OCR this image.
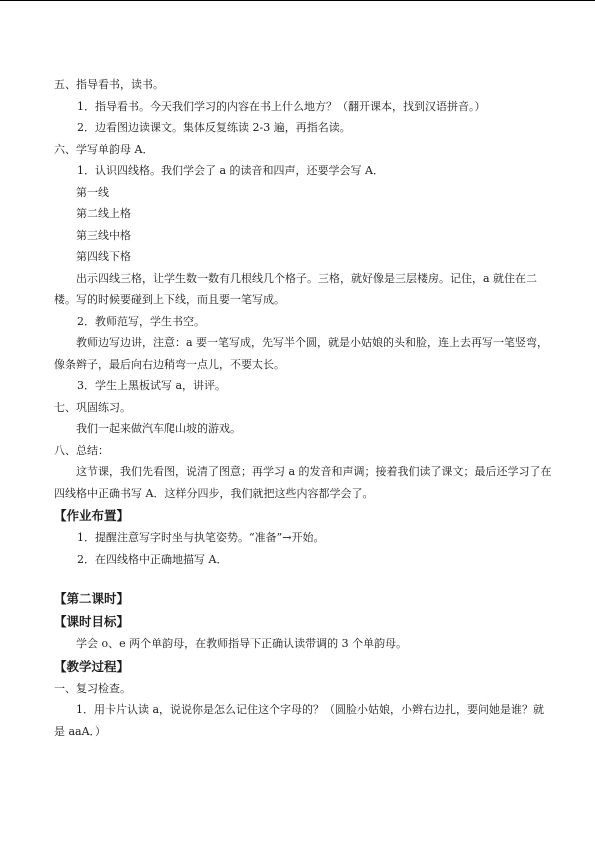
五、指导看书，读书。
1．指导看书。今天我们学习的内容在书上什么地方？（翻开课本，找到汉语拼音。）
2．边看图边读课文。集体反复练读 2-3 遍，再指名读。
六、学写单韵母 A．
1．认识四线格。我们学会了 a 的读音和四声，还要学会写 A．
第一线
第二线上格
第三线中格
第四线下格
出示四线三格，让学生数一数有几根线几个格子。三格，就好像是三层楼房。记住，a 就住在二楼。写的时候要碰到上下线，而且要一笔写成。
2．教师范写，学生书空。
教师边写边讲，注意：a 要一笔写成，先写半个圆，就是小姑娘的头和脸，连上去再写一笔竖弯，像条辫子，最后向右边稍弯一点儿，不要太长。
3．学生上黑板试写 a，讲评。
七、巩固练习。
我们一起来做汽车爬山坡的游戏。
八、总结：
这节课，我们先看图，说清了图意；再学习 a 的发音和声调；接着我们读了课文；最后还学习了在四线格中正确书写 A．这样分四步，我们就把这些内容都学会了。
【作业布置】
1．提醒注意写字时坐与执笔姿势。“准备”→开始。
2．在四线格中正确地描写 A．
【第二课时】
【课时目标】
学会 o、e 两个单韵母，在教师指导下正确认读带调的 3 个单韵母。
【教学过程】
一、复习检查。
1．用卡片认读 a，说说你是怎么记住这个字母的？（圆脸小姑娘，小辫右边扎，要问她是谁？就是 aaA．）
